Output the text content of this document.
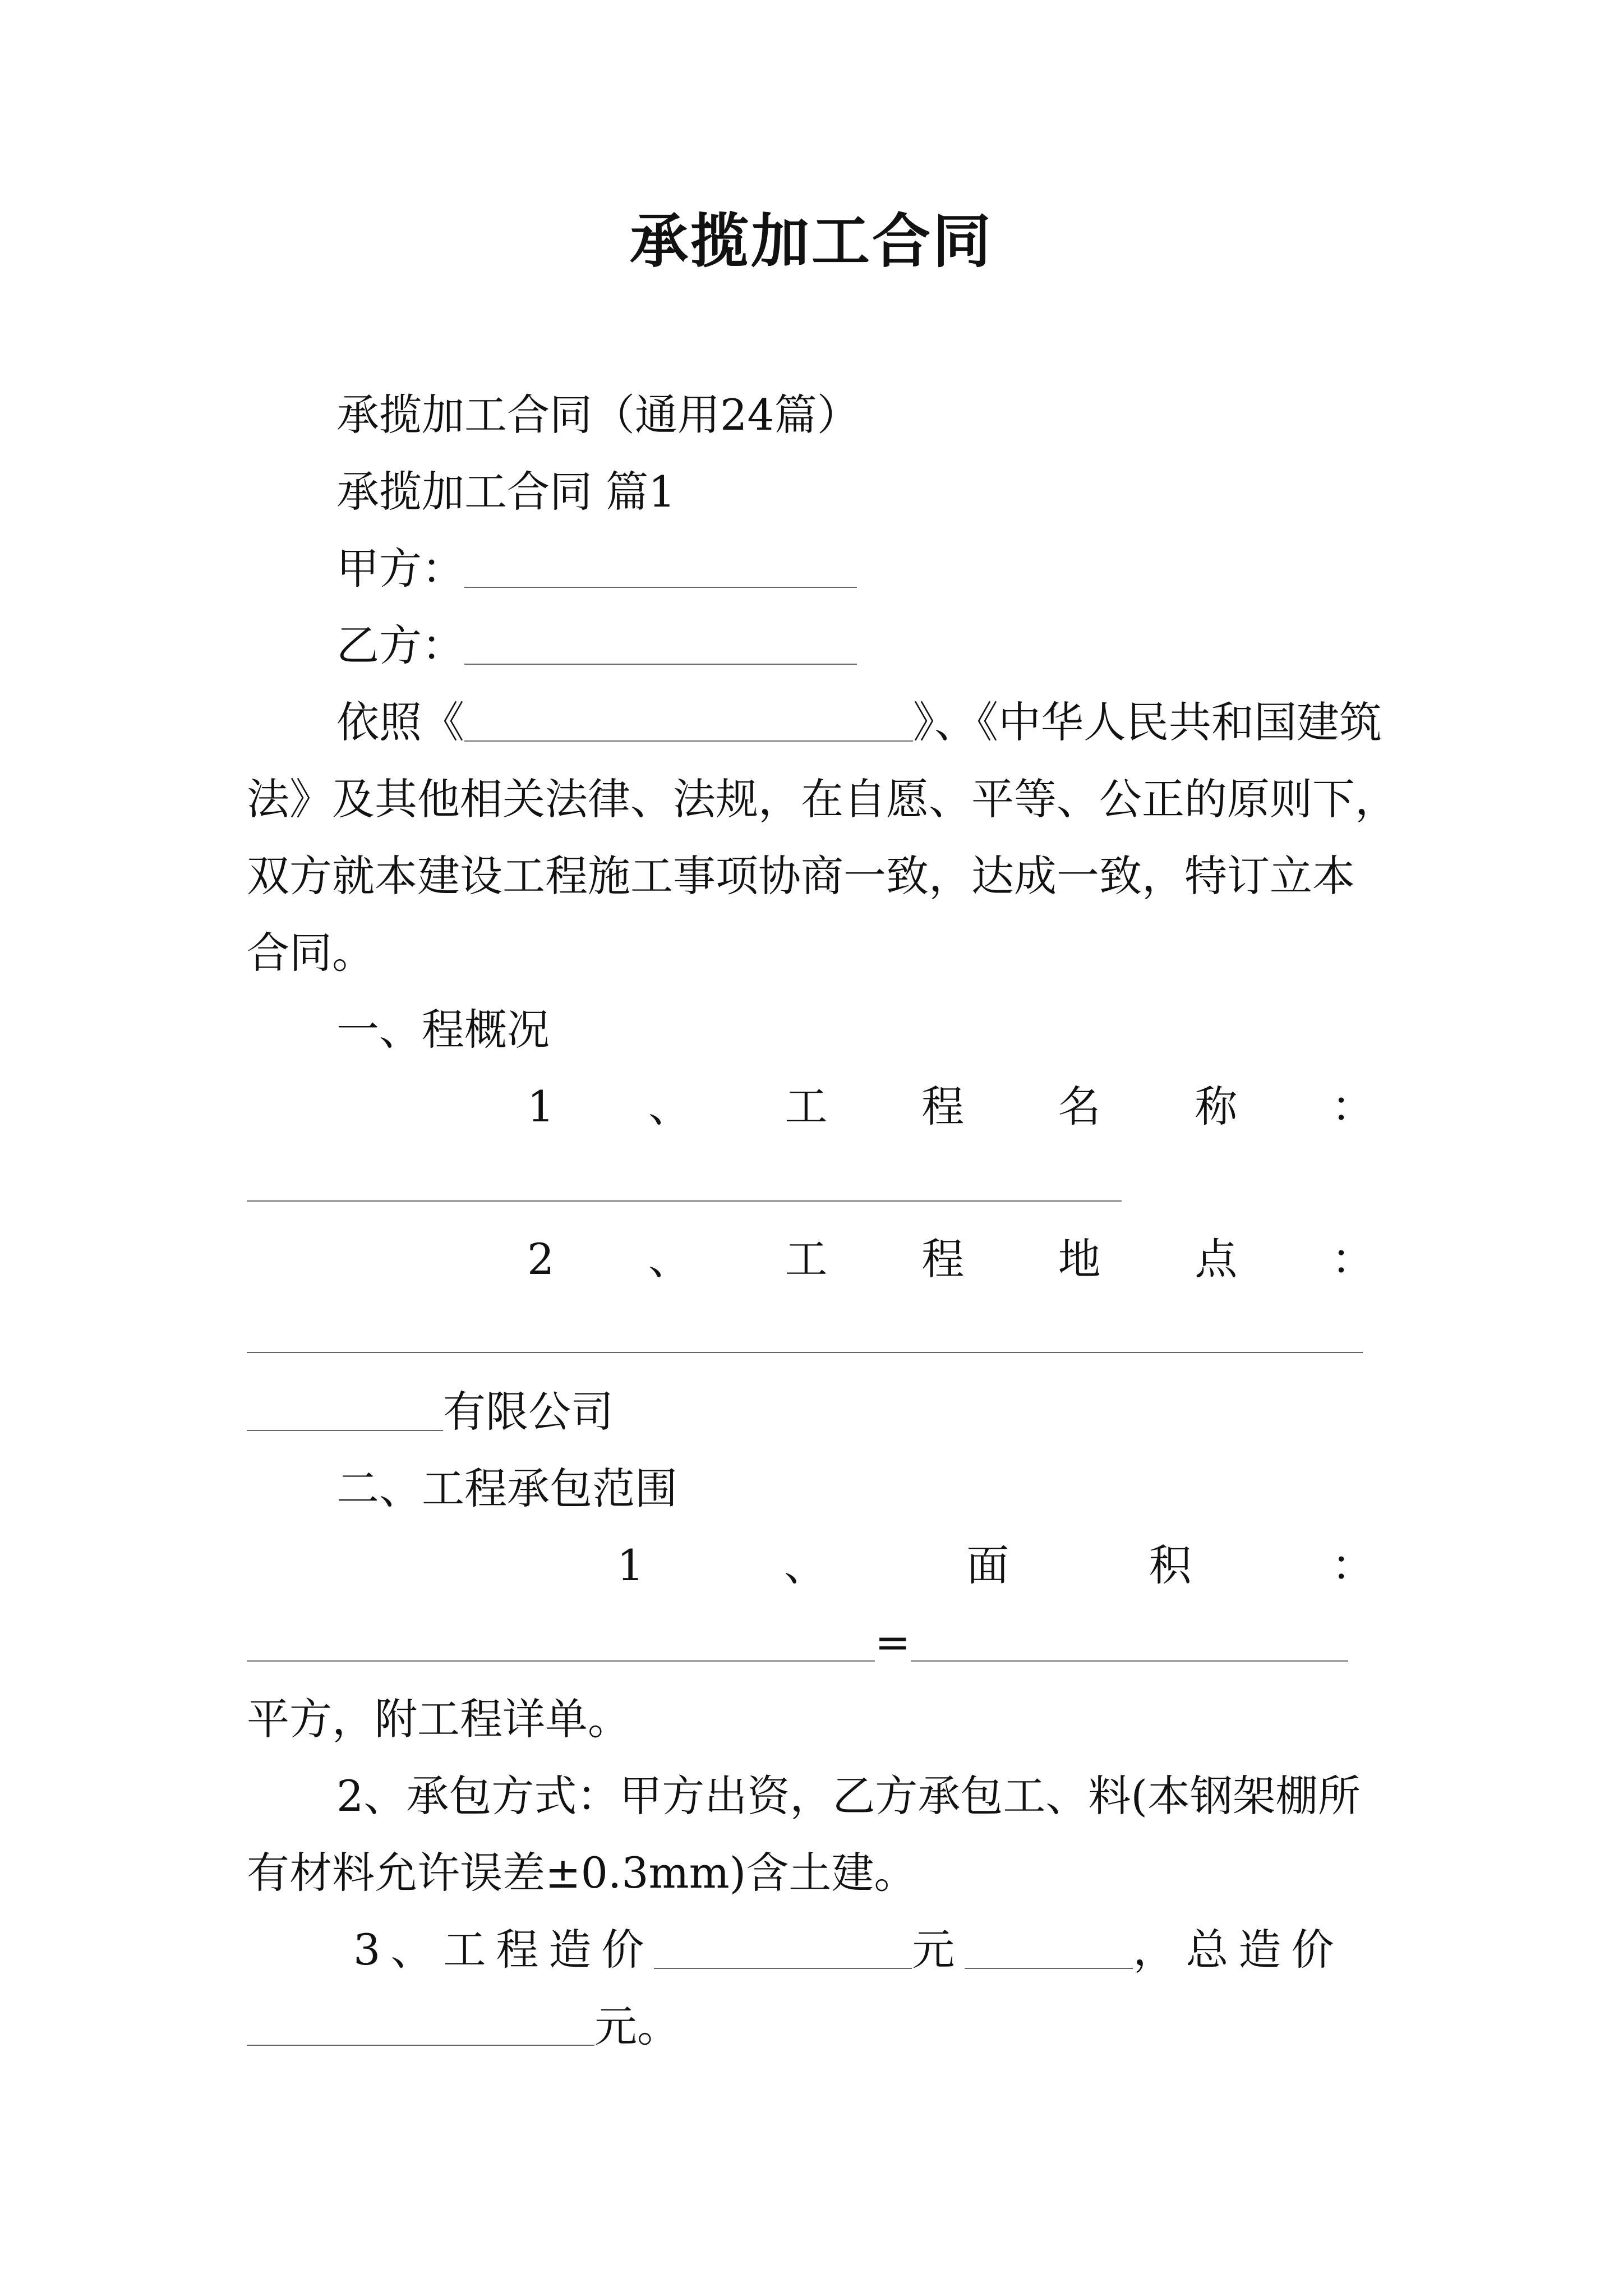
承揽加工合同
承揽加工合同（通用24篇）
承揽加工合同 篇1
甲方：
乙方：
依照《	》、《中华人民共和国建筑
法》及其他相关法律、法规，在自愿、平等、公正的原则下，
双方就本建设工程施工事项协商一致，达成一致，特订立本
合同。
一、程概况
1 、 工 程 名 称 ：
2 、 工 程 地 点 ：
有限公司
二、工程承包范围
1	、	面	积	：
=
平方，附工程详单。
2、承包方式：甲方出资，乙方承包工、料(本钢架棚所
有材料允许误差±0.3mm)含土建。
3、工程造价	元	，总造价
元。
